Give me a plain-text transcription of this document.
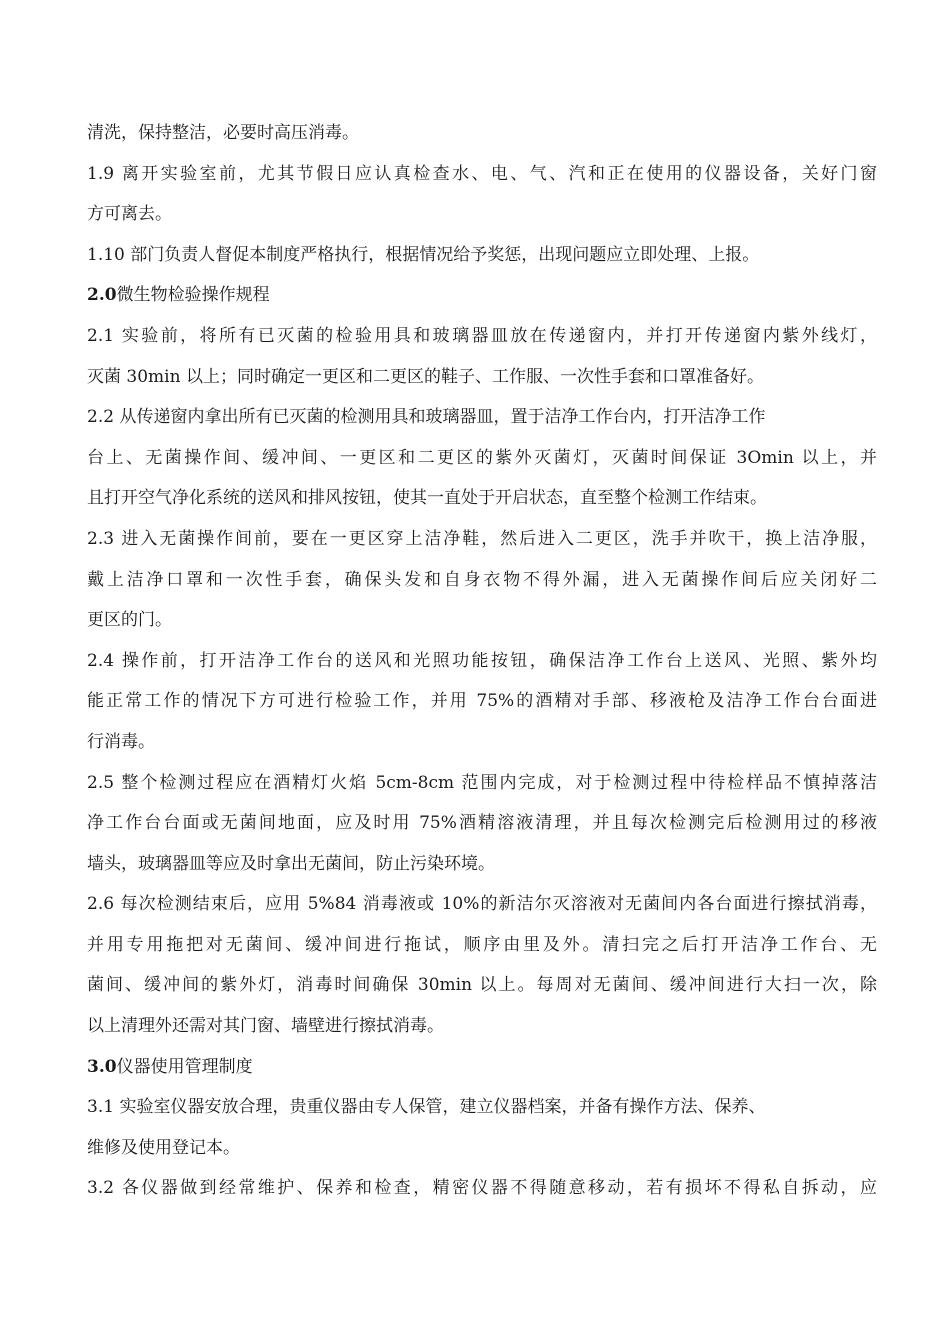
清洗，保持整洁，必要时高压消毒。
1.9 离开实验室前，尤其节假日应认真检查水、电、气、汽和正在使用的仪器设备，关好门窗
方可离去。
1.10 部门负责人督促本制度严格执行，根据情况给予奖惩，出现问题应立即处理、上报。
2.0微生物检验操作规程
2.1 实验前，将所有已灭菌的检验用具和玻璃器皿放在传递窗内，并打开传递窗内紫外线灯，
灭菌 30min 以上；同时确定一更区和二更区的鞋子、工作服、一次性手套和口罩准备好。
2.2 从传递窗内拿出所有已灭菌的检测用具和玻璃器皿，置于洁净工作台内，打开洁净工作
台上、无菌操作间、缓冲间、一更区和二更区的紫外灭菌灯，灭菌时间保证 3Omin 以上，并
且打开空气净化系统的送风和排风按钮，使其一直处于开启状态，直至整个检测工作结束。
2.3 进入无菌操作间前，要在一更区穿上洁净鞋，然后进入二更区，洗手并吹干，换上洁净服，
戴上洁净口罩和一次性手套，确保头发和自身衣物不得外漏，进入无菌操作间后应关闭好二
更区的门。
2.4 操作前，打开洁净工作台的送风和光照功能按钮，确保洁净工作台上送风、光照、紫外均
能正常工作的情况下方可进行检验工作，并用 75%的酒精对手部、移液枪及洁净工作台台面进
行消毒。
2.5 整个检测过程应在酒精灯火焰 5cm-8cm 范围内完成，对于检测过程中待检样品不慎掉落洁
净工作台台面或无菌间地面，应及时用 75%酒精溶液清理，并且每次检测完后检测用过的移液
墙头，玻璃器皿等应及时拿出无菌间，防止污染环境。
2.6 每次检测结束后，应用 5%84 消毒液或 10%的新洁尔灭溶液对无菌间内各台面进行擦拭消毒，
并用专用拖把对无菌间、缓冲间进行拖试，顺序由里及外。清扫完之后打开洁净工作台、无
菌间、缓冲间的紫外灯，消毒时间确保 30min 以上。每周对无菌间、缓冲间进行大扫一次，除
以上清理外还需对其门窗、墙壁进行擦拭消毒。
3.0仪器使用管理制度
3.1 实验室仪器安放合理，贵重仪器由专人保管，建立仪器档案，并备有操作方法、保养、
维修及使用登记本。
3.2 各仪器做到经常维护、保养和检查，精密仪器不得随意移动，若有损坏不得私自拆动，应
